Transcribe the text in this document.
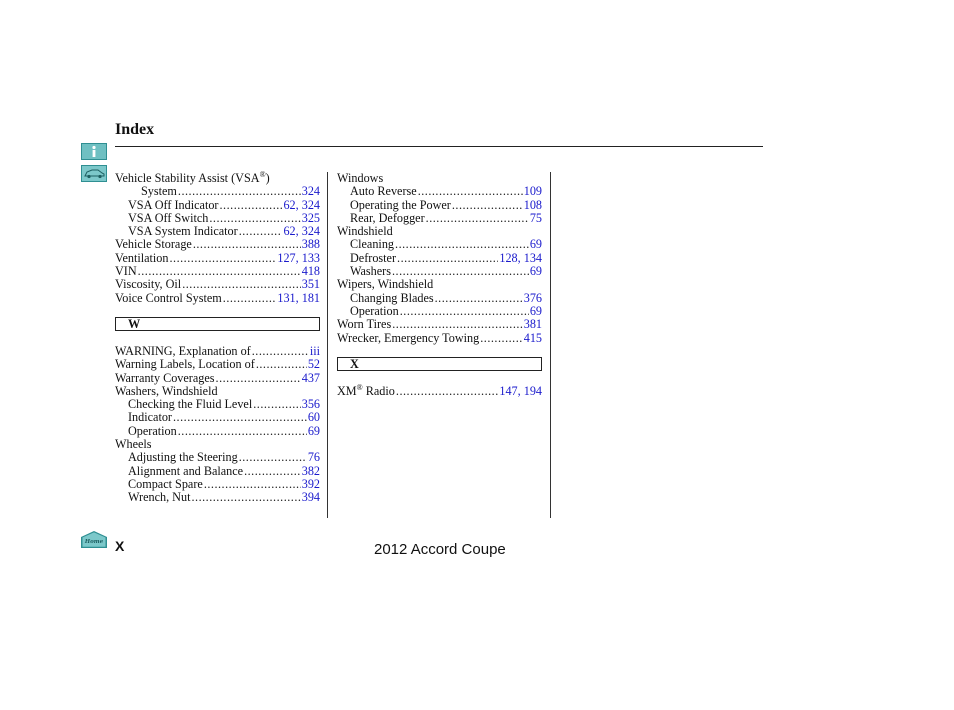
Index
Home
Vehicle Stability Assist (VSA®)
System .....	324
VSA Off Indicator .....	62, 324
VSA Off Switch .....	325
VSA System Indicator .....	62, 324
Vehicle Storage .....	388
Ventilation .....	127, 133
VIN .....	418
Viscosity, Oil .....	351
Voice Control System .....	131, 181
W
WARNING, Explanation of .....	iii
Warning Labels, Location of .....	52
Warranty Coverages .....	437
Washers, Windshield
Checking the Fluid Level .....	356
Indicator .....	60
Operation .....	69
Wheels
Adjusting the Steering .....	76
Alignment and Balance .....	382
Compact Spare .....	392
Wrench, Nut .....	394
Windows
Auto Reverse .....	109
Operating the Power .....	108
Rear, Defogger .....	75
Windshield
Cleaning .....	69
Defroster .....	128, 134
Washers .....	69
Wipers, Windshield
Changing Blades .....	376
Operation .....	69
Worn Tires .....	381
Wrecker, Emergency Towing .....	415
X
XM® Radio .....	147, 194
X	2012 Accord Coupe
